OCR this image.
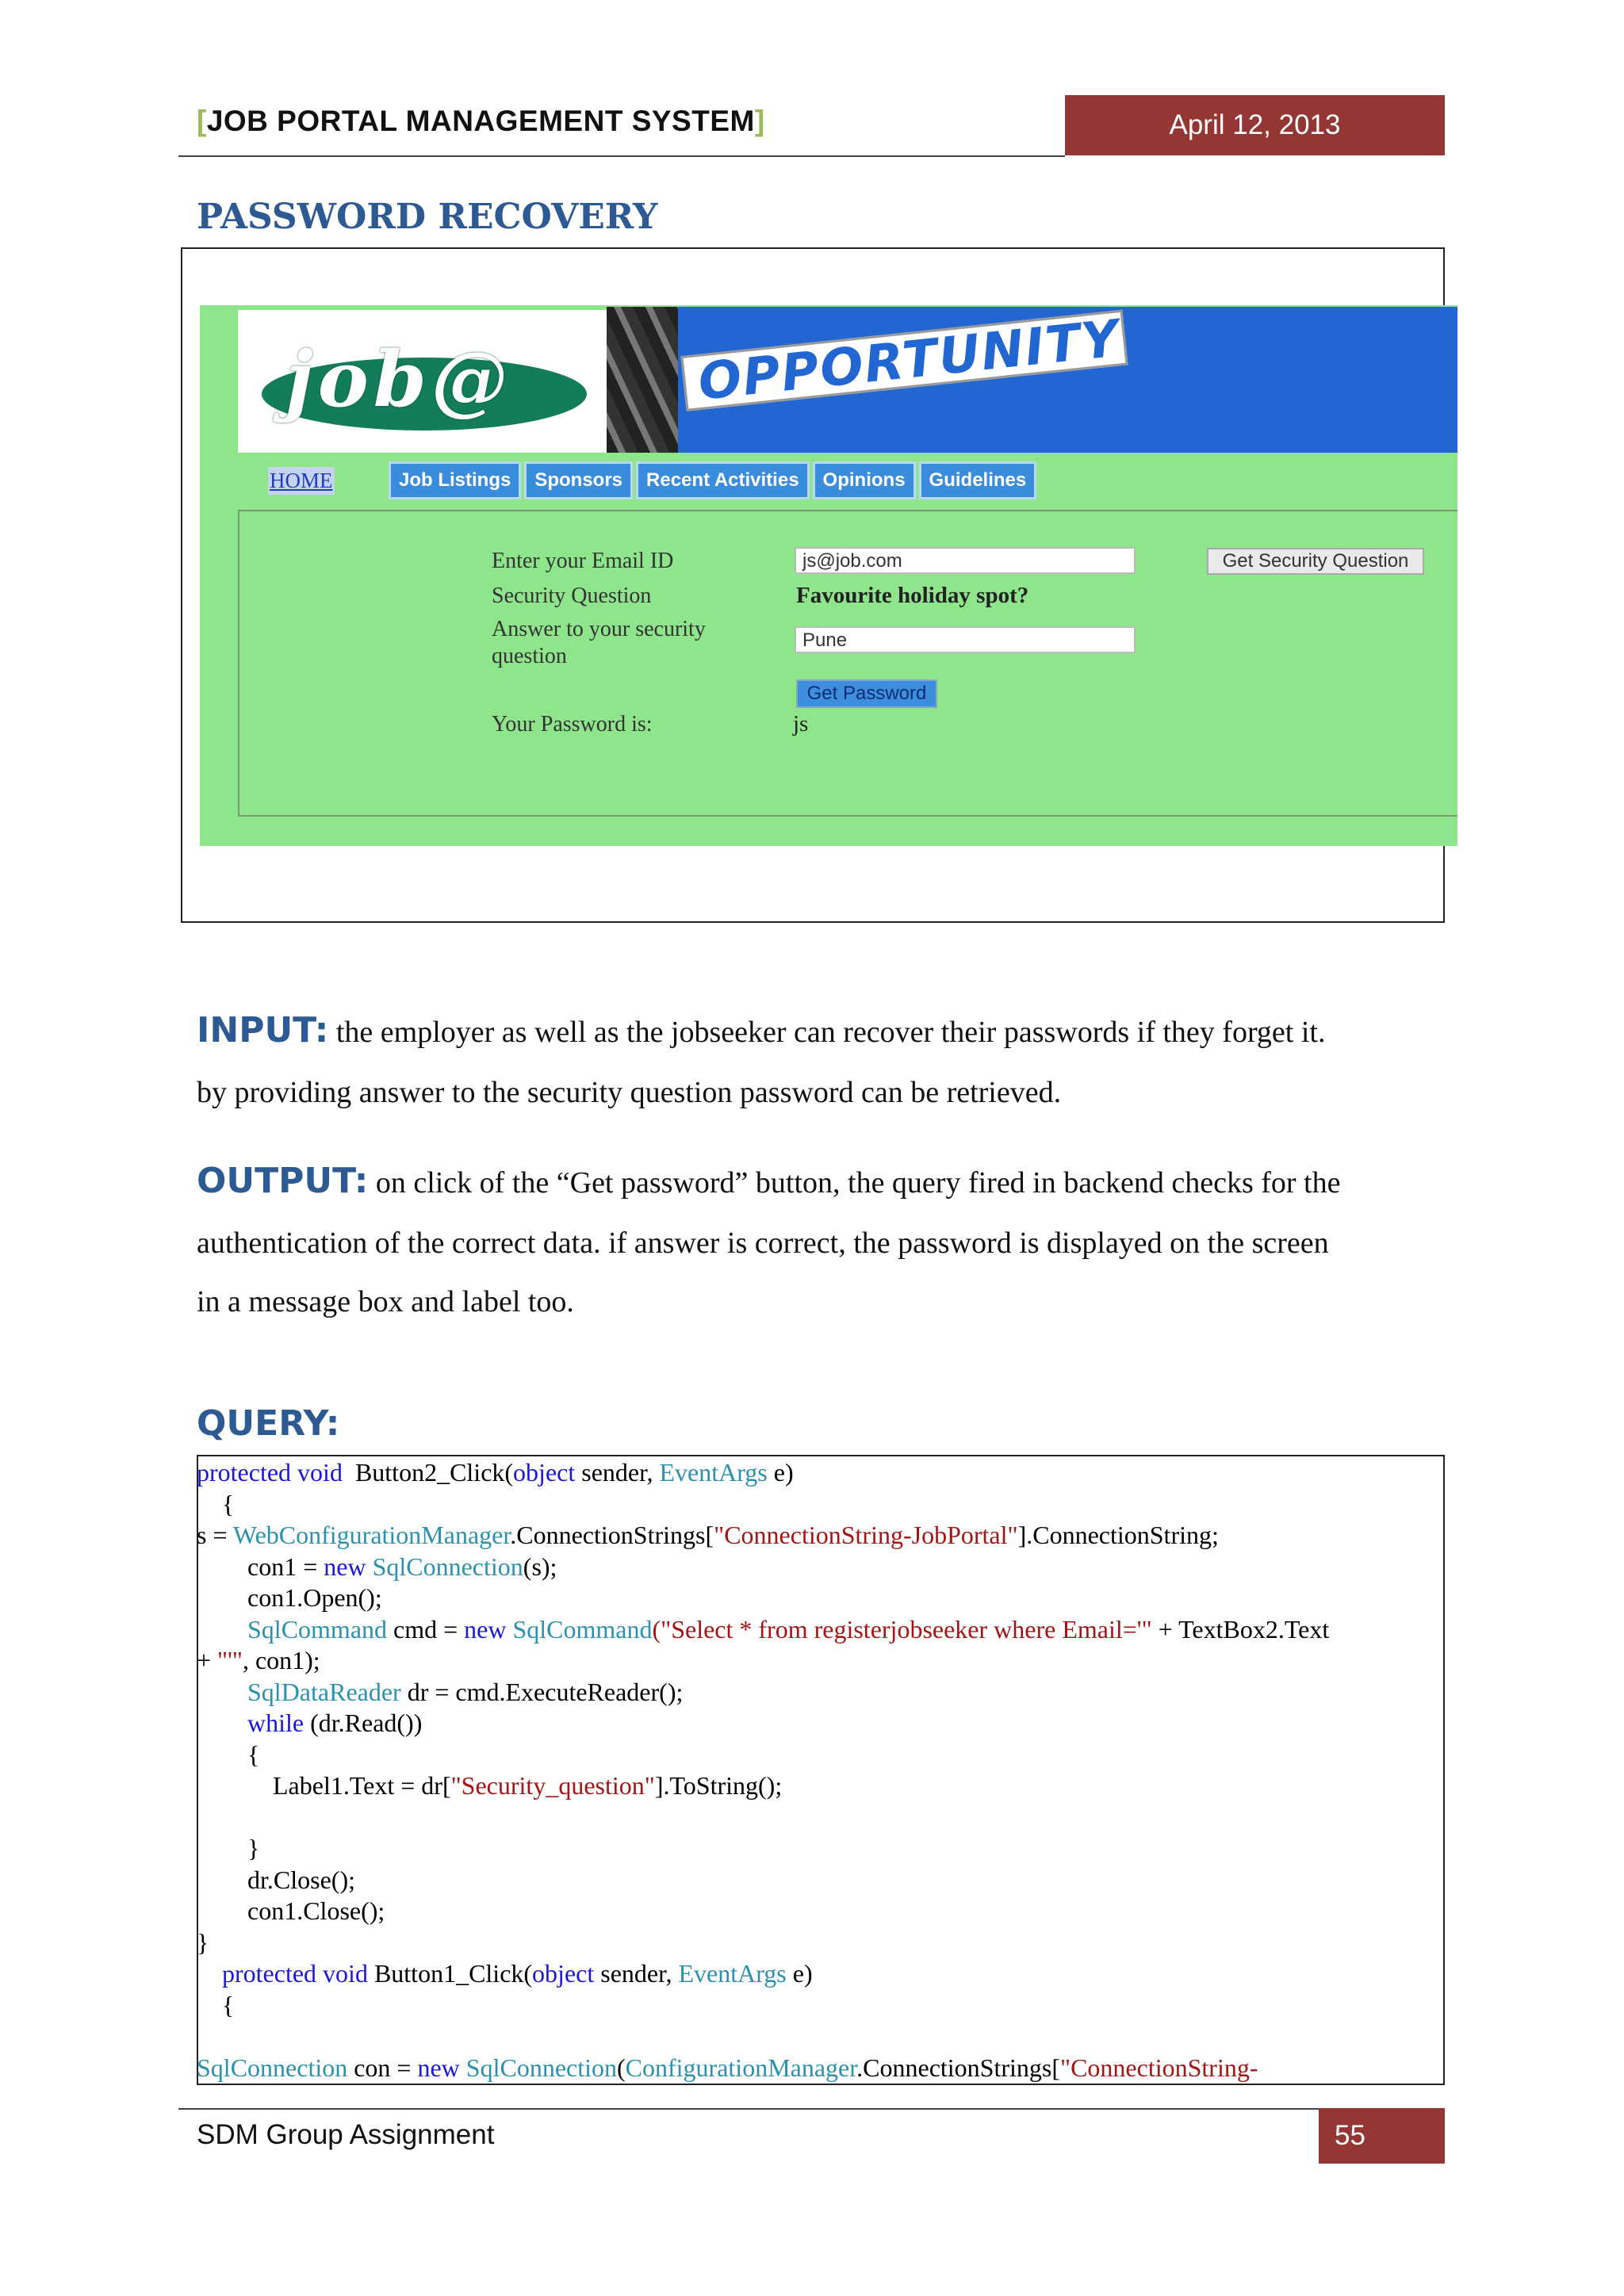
[JOB PORTAL MANAGEMENT SYSTEM]	April 12, 2013
PASSWORD RECOVERY
job@	OPPORTUNITY
HOME	Job Listings	Sponsors	Recent Activities	Opinions	Guidelines
Enter your Email ID	js@job.com	Get Security Question
Security Question	Favourite holiday spot?
Answer to your security
question
Pune
Get Password
Your Password is:	js
INPUT: the employer as well as the jobseeker can recover their passwords if they forget it.
by providing answer to the security question password can be retrieved.
OUTPUT: on click of the “Get password” button, the query fired in backend checks for the
authentication of the correct data. if answer is correct, the password is displayed on the screen
in a message box and label too.
QUERY:
protected void  Button2_Click(object sender, EventArgs e)
{
s = WebConfigurationManager.ConnectionStrings["ConnectionString-JobPortal"].ConnectionString;
con1 = new SqlConnection(s);
con1.Open();
SqlCommand cmd = new SqlCommand("Select * from registerjobseeker where Email='" + TextBox2.Text
+ "'", con1);
SqlDataReader dr = cmd.ExecuteReader();
while (dr.Read())
{
Label1.Text = dr["Security_question"].ToString();
}
dr.Close();
con1.Close();
}
protected void Button1_Click(object sender, EventArgs e)
{
SqlConnection con = new SqlConnection(ConfigurationManager.ConnectionStrings["ConnectionString-
SDM Group Assignment	55
